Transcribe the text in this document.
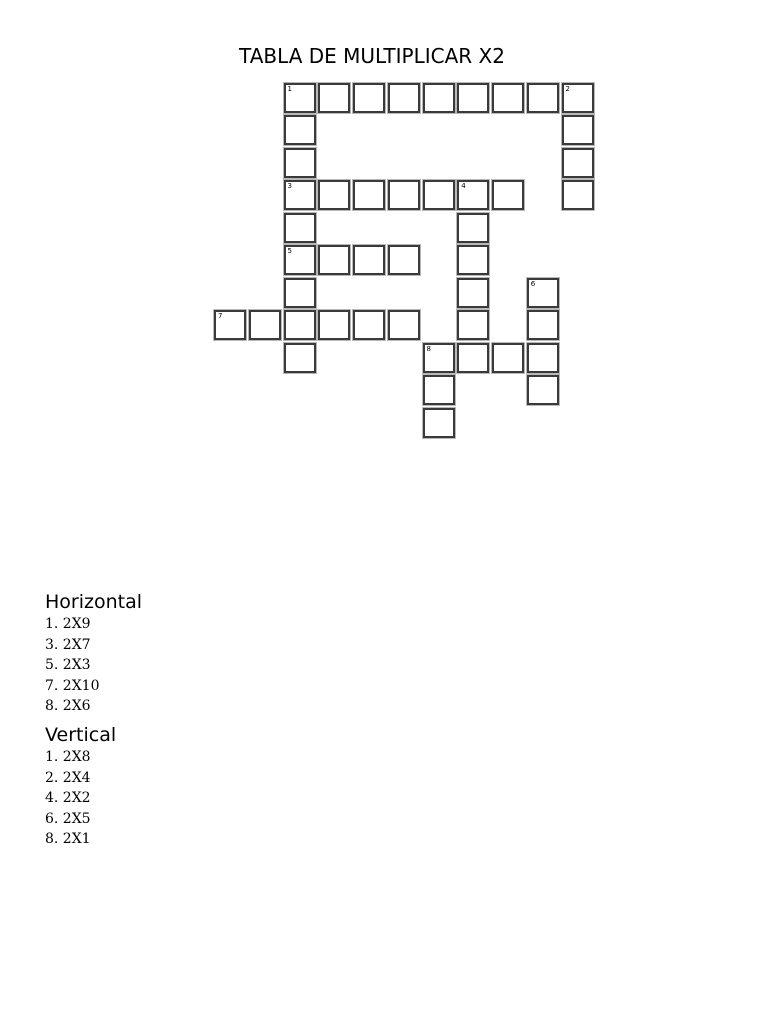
TABLA DE MULTIPLICAR X2
1	2
3	4
5
6
7
8

Horizontal

1. 2X9
3. 2X7
5. 2X3
7. 2X10
8. 2X6

Vertical

1. 2X8
2. 2X4
4. 2X2
6. 2X5
8. 2X1
